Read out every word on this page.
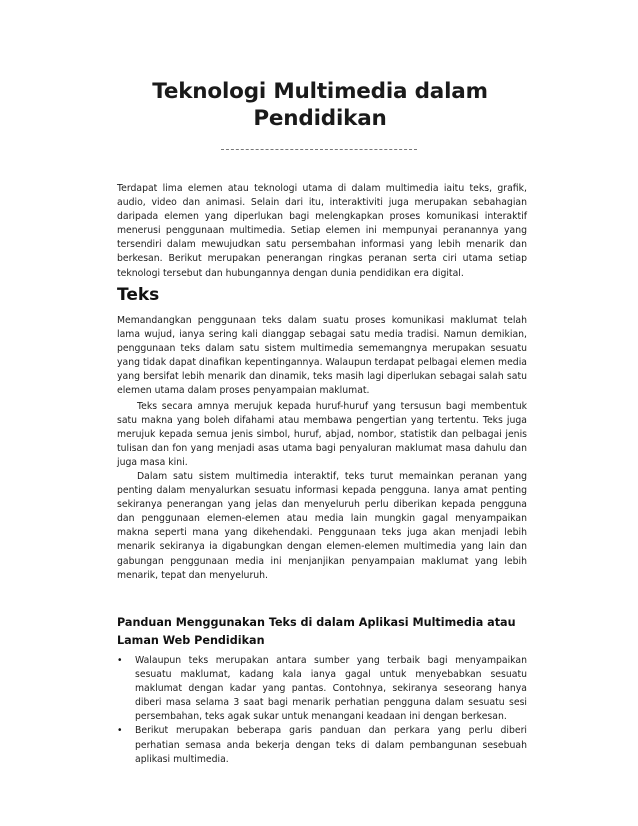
Teknologi Multimedia dalam
Pendidikan

Terdapat lima elemen atau teknologi utama di dalam multimedia iaitu teks, grafik, audio, video dan animasi. Selain dari itu, interaktiviti juga merupakan sebahagian daripada elemen yang diperlukan bagi melengkapkan proses komunikasi interaktif menerusi penggunaan multimedia. Setiap elemen ini mempunyai peranannya yang tersendiri dalam mewujudkan satu persembahan informasi yang lebih menarik dan berkesan. Berikut merupakan penerangan ringkas peranan serta ciri utama setiap teknologi tersebut dan hubungannya dengan dunia pendidikan era digital.

Teks

Memandangkan penggunaan teks dalam suatu proses komunikasi maklumat telah lama wujud, ianya sering kali dianggap sebagai satu media tradisi. Namun demikian, penggunaan teks dalam satu sistem multimedia sememangnya merupakan sesuatu yang tidak dapat dinafikan kepentingannya. Walaupun terdapat pelbagai elemen media yang bersifat lebih menarik dan dinamik, teks masih lagi diperlukan sebagai salah satu elemen utama dalam proses penyampaian maklumat.

Teks secara amnya merujuk kepada huruf-huruf yang tersusun bagi membentuk satu makna yang boleh difahami atau membawa pengertian yang tertentu. Teks juga merujuk kepada semua jenis simbol, huruf, abjad, nombor, statistik dan pelbagai jenis tulisan dan fon yang menjadi asas utama bagi penyaluran maklumat masa dahulu dan juga masa kini.

Dalam satu sistem multimedia interaktif, teks turut memainkan peranan yang penting dalam menyalurkan sesuatu informasi kepada pengguna. Ianya amat penting sekiranya penerangan yang jelas dan menyeluruh perlu diberikan kepada pengguna dan penggunaan elemen-elemen atau media lain mungkin gagal menyampaikan makna seperti mana yang dikehendaki. Penggunaan teks juga akan menjadi lebih menarik sekiranya ia digabungkan dengan elemen-elemen multimedia yang lain dan gabungan penggunaan media ini menjanjikan penyampaian maklumat yang lebih menarik, tepat dan menyeluruh.

Panduan Menggunakan Teks di dalam Aplikasi Multimedia atau
Laman Web Pendidikan
• Walaupun teks merupakan antara sumber yang terbaik bagi menyampaikan sesuatu maklumat, kadang kala ianya gagal untuk menyebabkan sesuatu maklumat dengan kadar yang pantas. Contohnya, sekiranya seseorang hanya diberi masa selama 3 saat bagi menarik perhatian pengguna dalam sesuatu sesi persembahan, teks agak sukar untuk menangani keadaan ini dengan berkesan.
• Berikut merupakan beberapa garis panduan dan perkara yang perlu diberi perhatian semasa anda bekerja dengan teks di dalam pembangunan sesebuah aplikasi multimedia.
